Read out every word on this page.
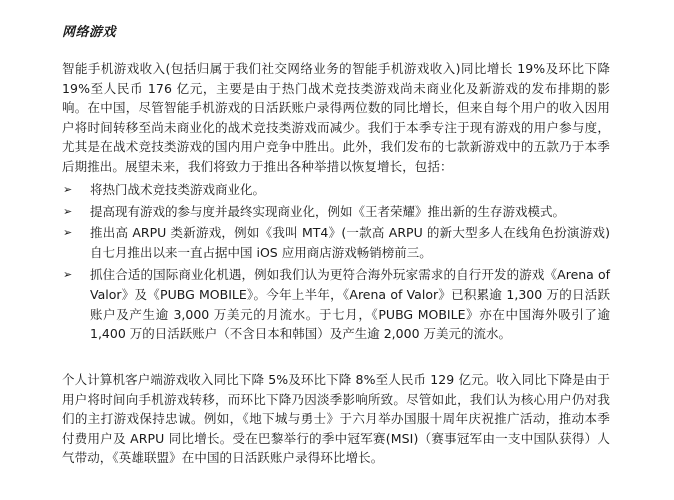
网络游戏

智能手机游戏收入(包括归属于我们社交网络业务的智能手机游戏收入)同比增长 19%及环比下降 19%至人民币 176 亿元，主要是由于热门战术竞技类游戏尚未商业化及新游戏的发布排期的影响。在中国，尽管智能手机游戏的日活跃账户录得两位数的同比增长，但来自每个用户的收入因用户将时间转移至尚未商业化的战术竞技类游戏而减少。我们于本季专注于现有游戏的用户参与度，尤其是在战术竞技类游戏的国内用户竞争中胜出。此外，我们发布的七款新游戏中的五款乃于本季后期推出。展望未来，我们将致力于推出各种举措以恢复增长，包括：

➢	将热门战术竞技类游戏商业化。
➢	提高现有游戏的参与度并最终实现商业化，例如《王者荣耀》推出新的生存游戏模式。
➢	推出高 ARPU 类新游戏，例如《我叫 MT4》(一款高 ARPU 的新大型多人在线角色扮演游戏)自七月推出以来一直占据中国 iOS 应用商店游戏畅销榜前三。
➢	抓住合适的国际商业化机遇，例如我们认为更符合海外玩家需求的自行开发的游戏《Arena of Valor》及《PUBG MOBILE》。今年上半年，《Arena of Valor》已积累逾 1,300 万的日活跃账户及产生逾 3,000 万美元的月流水。于七月，《PUBG MOBILE》亦在中国海外吸引了逾 1,400 万的日活跃账户（不含日本和韩国）及产生逾 2,000 万美元的流水。

个人计算机客户端游戏收入同比下降 5%及环比下降 8%至人民币 129 亿元。收入同比下降是由于用户将时间向手机游戏转移，而环比下降乃因淡季影响所致。尽管如此，我们认为核心用户仍对我们的主打游戏保持忠诚。例如，《地下城与勇士》于六月举办国服十周年庆祝推广活动，推动本季付费用户及 ARPU 同比增长。受在巴黎举行的季中冠军赛(MSI)（赛事冠军由一支中国队获得）人气带动，《英雄联盟》在中国的日活跃账户录得环比增长。
